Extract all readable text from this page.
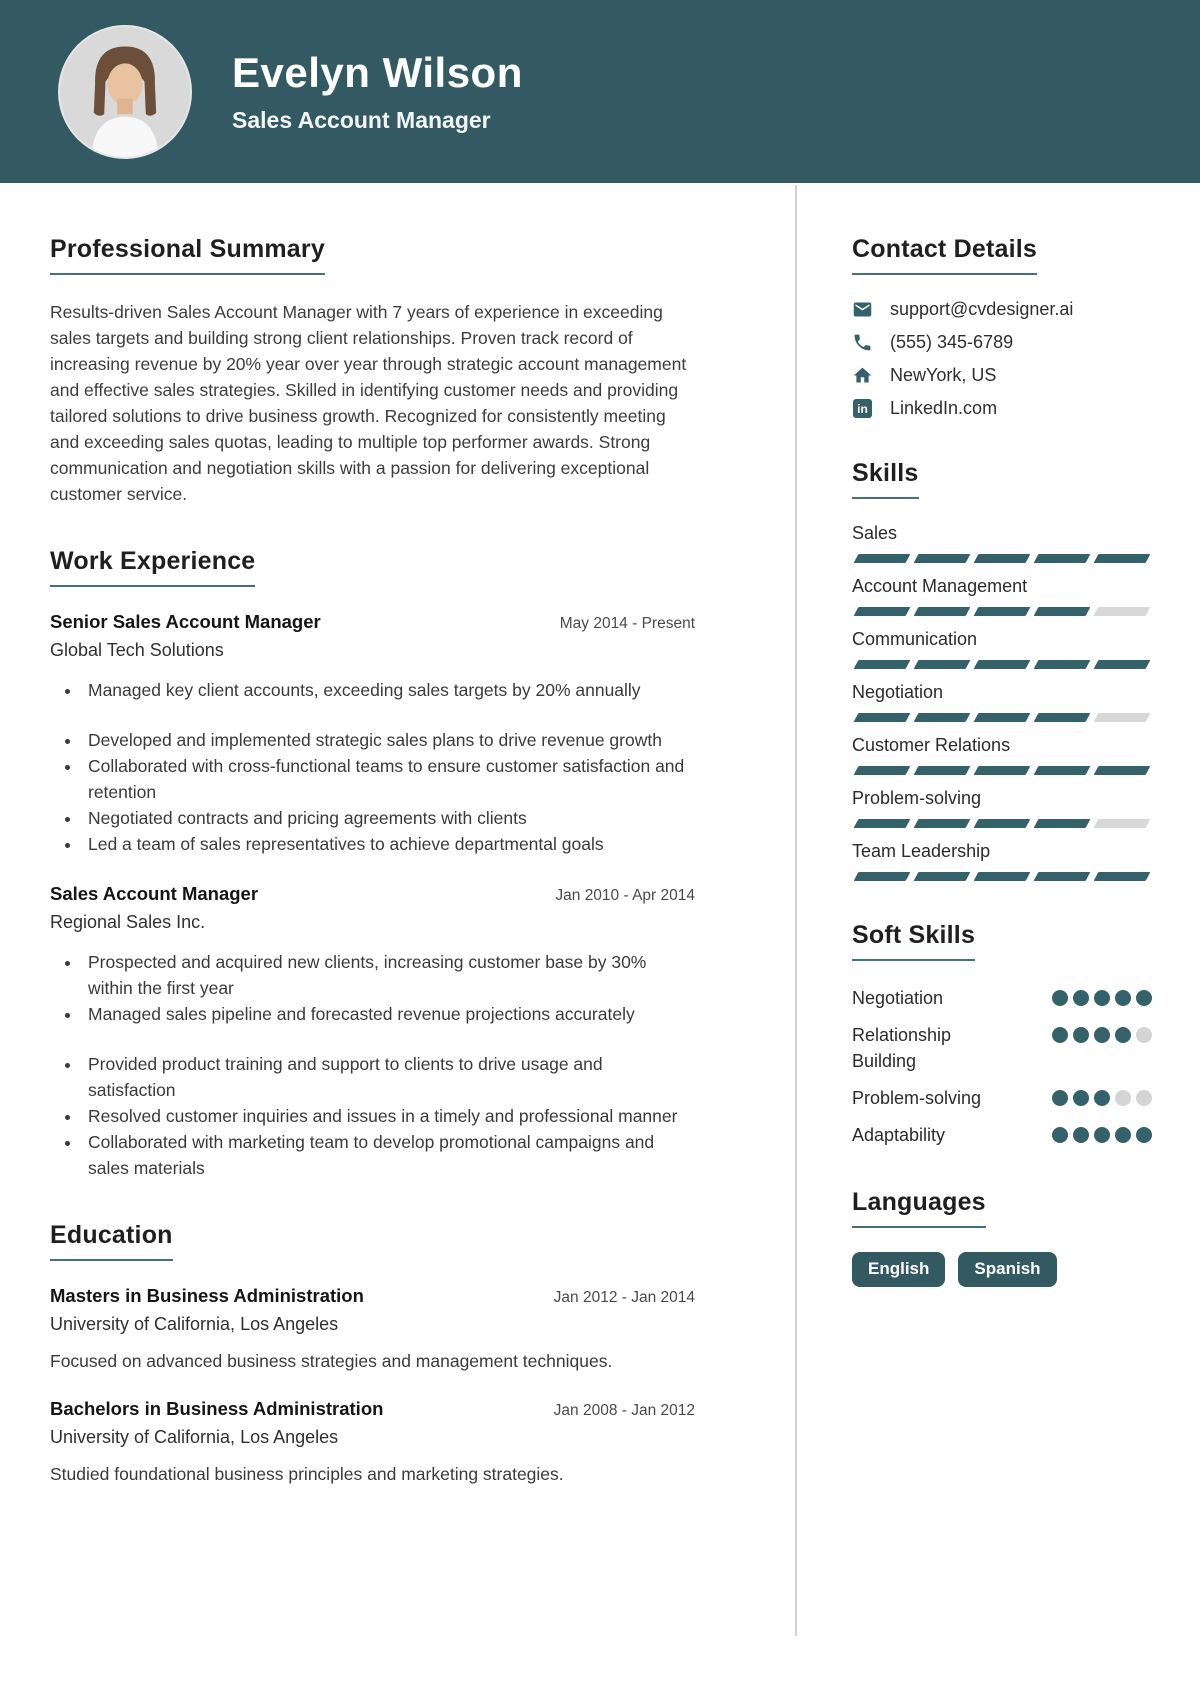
Evelyn Wilson
Sales Account Manager
Professional Summary

Results-driven Sales Account Manager with 7 years of experience in exceeding sales targets and building strong client relationships. Proven track record of increasing revenue by 20% year over year through strategic account management and effective sales strategies. Skilled in identifying customer needs and providing tailored solutions to drive business growth. Recognized for consistently meeting and exceeding sales quotas, leading to multiple top performer awards. Strong communication and negotiation skills with a passion for delivering exceptional customer service.

Work Experience
Senior Sales Account Manager	May 2014 - Present
Global Tech Solutions
• Managed key client accounts, exceeding sales targets by 20% annually
• Developed and implemented strategic sales plans to drive revenue growth
• Collaborated with cross-functional teams to ensure customer satisfaction and retention
• Negotiated contracts and pricing agreements with clients
• Led a team of sales representatives to achieve departmental goals
Sales Account Manager	Jan 2010 - Apr 2014
Regional Sales Inc.
• Prospected and acquired new clients, increasing customer base by 30% within the first year
• Managed sales pipeline and forecasted revenue projections accurately
• Provided product training and support to clients to drive usage and satisfaction
• Resolved customer inquiries and issues in a timely and professional manner
• Collaborated with marketing team to develop promotional campaigns and sales materials
Education
Masters in Business Administration	Jan 2012 - Jan 2014
University of California, Los Angeles
Focused on advanced business strategies and management techniques.
Bachelors in Business Administration	Jan 2008 - Jan 2012
University of California, Los Angeles
Studied foundational business principles and marketing strategies.
Contact Details
support@cvdesigner.ai
(555) 345-6789
NewYork, US
in
LinkedIn.com
Skills
Sales
Account Management
Communication
Negotiation
Customer Relations
Problem-solving
Team Leadership
Soft Skills
Negotiation
Relationship Building
Problem-solving
Adaptability
Languages
English	Spanish
